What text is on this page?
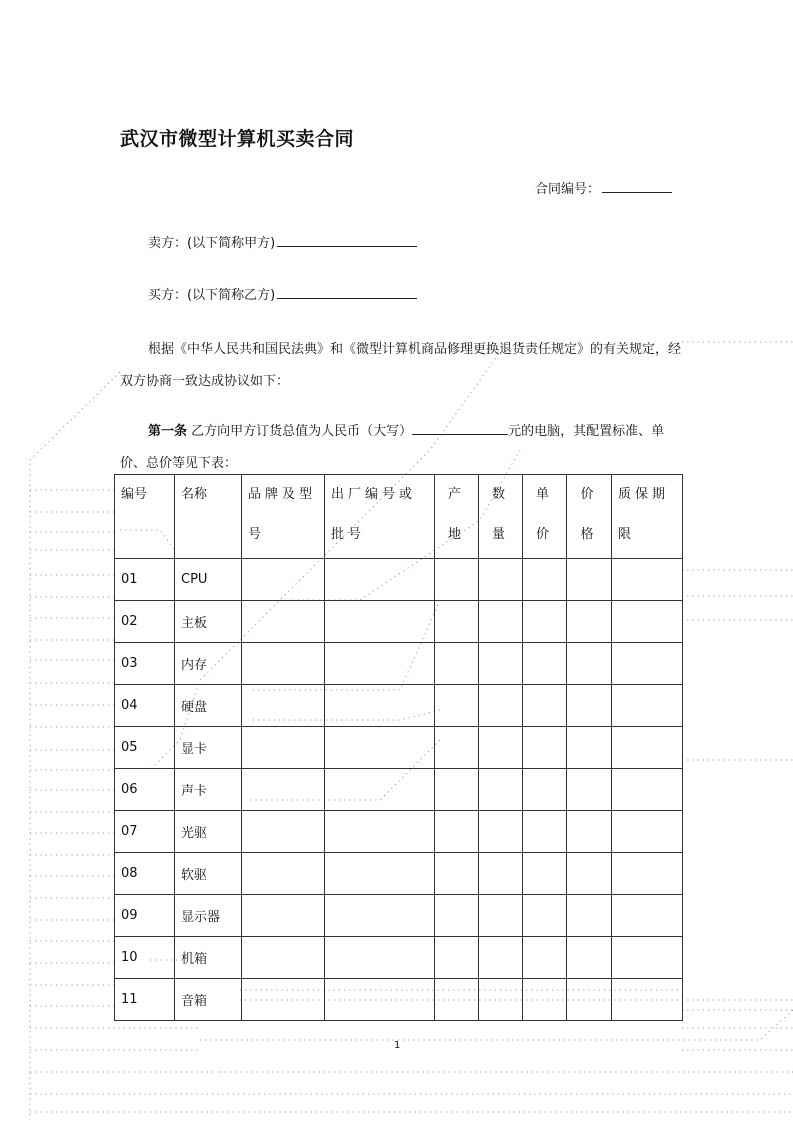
武汉市微型计算机买卖合同
合同编号：
卖方：(以下简称甲方)
买方：(以下简称乙方)
根据《中华人民共和国民法典》和《微型计算机商品修理更换退货责任规定》的有关规定，经双方协商一致达成协议如下：
第一条 乙方向甲方订货总值为人民币（大写）	元的电脑，其配置标准、单价、总价等见下表：
编号	名称	品牌及型号	出厂编号或批号	产地	数量	单价	价格	质保期限
01	CPU							
02	主板							
03	内存							
04	硬盘							
05	显卡							
06	声卡							
07	光驱							
08	软驱							
09	显示器							
10	机箱							
11	音箱							
1
